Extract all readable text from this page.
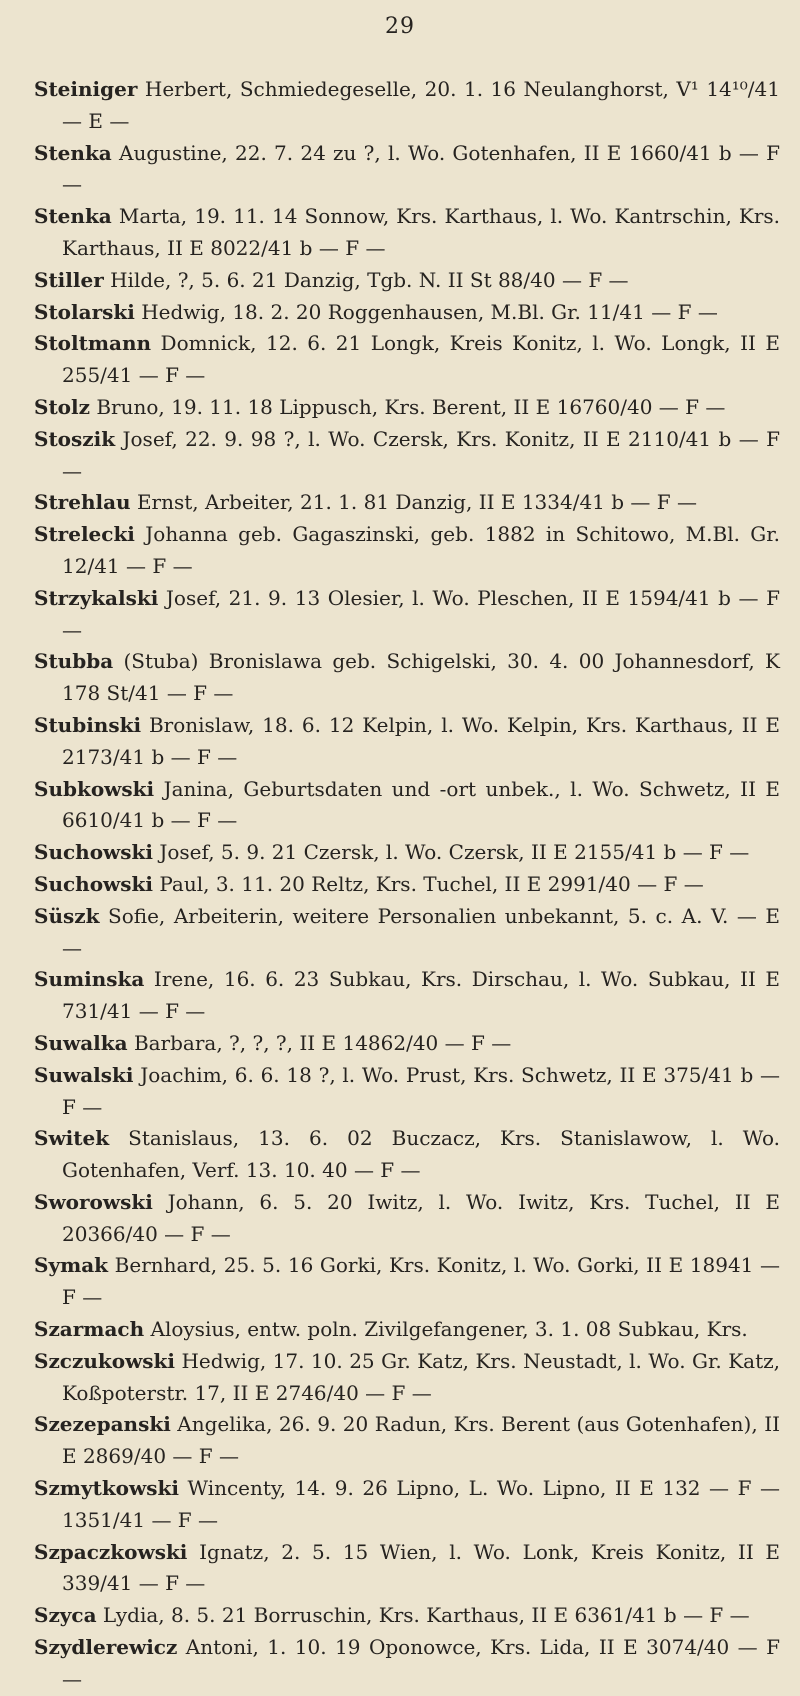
29
Steiniger Herbert, Schmiedegeselle, 20. 1. 16 Neulanghorst, V¹ 14¹⁰/41 — E —
Stenka Augustine, 22. 7. 24 zu ?, l. Wo. Gotenhafen, II E 1660/41 b — F —
Stenka Marta, 19. 11. 14 Sonnow, Krs. Karthaus, l. Wo. Kantrschin, Krs. Karthaus, II E 8022/41 b — F —
Stiller Hilde, ?, 5. 6. 21 Danzig, Tgb. N. II St 88/40 — F —
Stolarski Hedwig, 18. 2. 20 Roggenhausen, M.Bl. Gr. 11/41 — F —
Stoltmann Domnick, 12. 6. 21 Longk, Kreis Konitz, l. Wo. Longk, II E 255/41 — F —
Stolz Bruno, 19. 11. 18 Lippusch, Krs. Berent, II E 16760/40 — F —
Stoszik Josef, 22. 9. 98 ?, l. Wo. Czersk, Krs. Konitz, II E 2110/41 b — F —
Strehlau Ernst, Arbeiter, 21. 1. 81 Danzig, II E 1334/41 b — F —
Strelecki Johanna geb. Gagaszinski, geb. 1882 in Schitowo, M.Bl. Gr. 12/41 — F —
Strzykalski Josef, 21. 9. 13 Olesier, l. Wo. Pleschen, II E 1594/41 b — F —
Stubba (Stuba) Bronislawa geb. Schigelski, 30. 4. 00 Johannesdorf, K 178 St/41 — F —
Stubinski Bronislaw, 18. 6. 12 Kelpin, l. Wo. Kelpin, Krs. Karthaus, II E 2173/41 b — F —
Subkowski Janina, Geburtsdaten und -ort unbek., l. Wo. Schwetz, II E 6610/41 b — F —
Suchowski Josef, 5. 9. 21 Czersk, l. Wo. Czersk, II E 2155/41 b — F —
Suchowski Paul, 3. 11. 20 Reltz, Krs. Tuchel, II E 2991/40 — F —
Süszk Sofie, Arbeiterin, weitere Personalien unbekannt, 5. c. A. V. — E —
Suminska Irene, 16. 6. 23 Subkau, Krs. Dirschau, l. Wo. Subkau, II E 731/41 — F —
Suwalka Barbara, ?, ?, ?, II E 14862/40 — F —
Suwalski Joachim, 6. 6. 18 ?, l. Wo. Prust, Krs. Schwetz, II E 375/41 b — F —
Switek Stanislaus, 13. 6. 02 Buczacz, Krs. Stanislawow, l. Wo. Gotenhafen, Verf. 13. 10. 40 — F —
Sworowski Johann, 6. 5. 20 Iwitz, l. Wo. Iwitz, Krs. Tuchel, II E 20366/40 — F —
Symak Bernhard, 25. 5. 16 Gorki, Krs. Konitz, l. Wo. Gorki, II E 18941 — F —
Szarmach Aloysius, entw. poln. Zivilgefangener, 3. 1. 08 Subkau, Krs.
Szczukowski Hedwig, 17. 10. 25 Gr. Katz, Krs. Neustadt, l. Wo. Gr. Katz, Koßpoterstr. 17, II E 2746/40 — F —
Szezepanski Angelika, 26. 9. 20 Radun, Krs. Berent (aus Gotenhafen), II E 2869/40 — F —
Szmytkowski Wincenty, 14. 9. 26 Lipno, L. Wo. Lipno, II E 132 — F — 1351/41 — F —
Szpaczkowski Ignatz, 2. 5. 15 Wien, l. Wo. Lonk, Kreis Konitz, II E 339/41 — F —
Szyca Lydia, 8. 5. 21 Borruschin, Krs. Karthaus, II E 6361/41 b — F —
Szydlerewicz Antoni, 1. 10. 19 Oponowce, Krs. Lida, II E 3074/40 — F —
